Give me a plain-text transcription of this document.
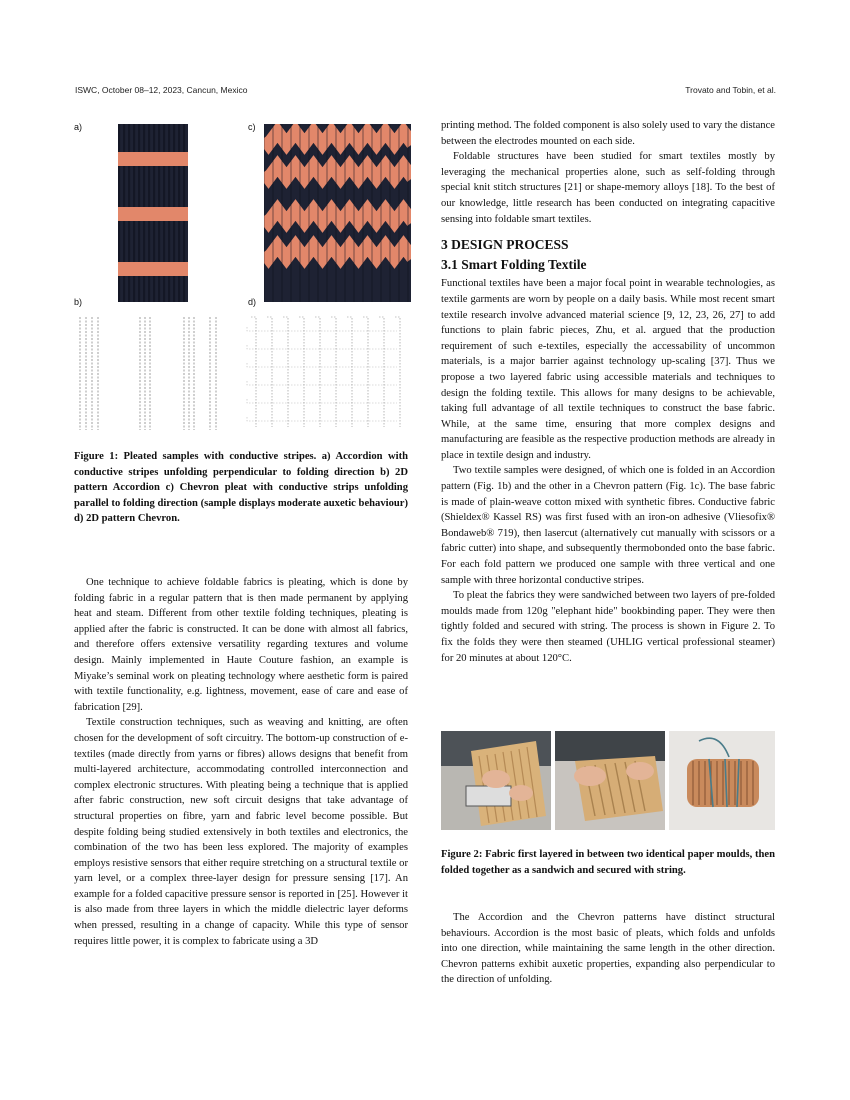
ISWC, October 08–12, 2023, Cancun, Mexico	Trovato and Tobin, et al.
a)	c)
b)	d)
Figure 1: Pleated samples with conductive stripes. a) Accordion with conductive stripes unfolding perpendicular to folding direction b) 2D pattern Accordion c) Chevron pleat with conductive strips unfolding parallel to folding direction (sample displays moderate auxetic behaviour) d) 2D pattern Chevron.

One technique to achieve foldable fabrics is pleating, which is done by folding fabric in a regular pattern that is then made permanent by applying heat and steam. Different from other textile folding techniques, pleating is applied after the fabric is constructed. It can be done with almost all fabrics, and therefore offers extensive versatility regarding textures and volume design. Mainly implemented in Haute Couture fashion, an example is Miyake’s seminal work on pleating technology where aesthetic form is paired with textile functionality, e.g. lightness, movement, ease of care and ease of fabrication [29].

Textile construction techniques, such as weaving and knitting, are often chosen for the development of soft circuitry. The bottom-up construction of e-textiles (made directly from yarns or fibres) allows designs that benefit from multi-layered architecture, accommodating controlled interconnection and complex electronic structures. With pleating being a technique that is applied after fabric construction, new soft circuit designs that take advantage of structural properties on fibre, yarn and fabric level become possible. But despite folding being studied extensively in both textiles and electronics, the combination of the two has been less explored. The majority of examples employs resistive sensors that either require stretching on a structural textile or yarn level, or a complex three-layer design for pressure sensing [17]. An example for a folded capacitive pressure sensor is reported in [25]. However it is also made from three layers in which the middle dielectric layer deforms when pressed, resulting in a change of capacity. While this type of sensor requires little power, it is complex to fabricate using a 3D

printing method. The folded component is also solely used to vary the distance between the electrodes mounted on each side.

Foldable structures have been studied for smart textiles mostly by leveraging the mechanical properties alone, such as self-folding through special knit stitch structures [21] or shape-memory alloys [18]. To the best of our knowledge, little research has been conducted on integrating capacitive sensing into foldable smart textiles.

3 DESIGN PROCESS
3.1 Smart Folding Textile

Functional textiles have been a major focal point in wearable technologies, as textile garments are worn by people on a daily basis. While most recent smart textile research involve advanced material science [9, 12, 23, 26, 27] to add functions to plain fabric pieces, Zhu, et al. argued that the production requirement of such e-textiles, especially the accessability of uncommon materials, is a major barrier against technology up-scaling [37]. Thus we propose a two layered fabric using accessible materials and techniques to design the folding textile. This allows for many designs to be achievable, taking full advantage of all textile techniques to construct the base fabric. While, at the same time, ensuring that more complex designs and manufacturing are feasible as the respective production methods are already in place in textile design and industry.

Two textile samples were designed, of which one is folded in an Accordion pattern (Fig. 1b) and the other in a Chevron pattern (Fig. 1c). The base fabric is made of plain-weave cotton mixed with synthetic fibres. Conductive fabric (Shieldex® Kassel RS) was first fused with an iron-on adhesive (Vliesofix® Bondaweb® 719), then lasercut (alternatively cut manually with scissors or a fabric cutter) into shape, and subsequently thermobonded onto the base fabric. For each fold pattern we produced one sample with three vertical and one sample with three horizontal conductive stripes.

To pleat the fabrics they were sandwiched between two layers of pre-folded moulds made from 120g "elephant hide" bookbinding paper. They were then tightly folded and secured with string. The process is shown in Figure 2. To fix the folds they were then steamed (UHLIG vertical professional steamer) for 20 minutes at about 120°C.

Figure 2: Fabric first layered in between two identical paper moulds, then folded together as a sandwich and secured with string.

The Accordion and the Chevron patterns have distinct structural behaviours. Accordion is the most basic of pleats, which folds and unfolds into one direction, while maintaining the same length in the other direction. Chevron patterns exhibit auxetic properties, expanding also perpendicular to the direction of unfolding.
